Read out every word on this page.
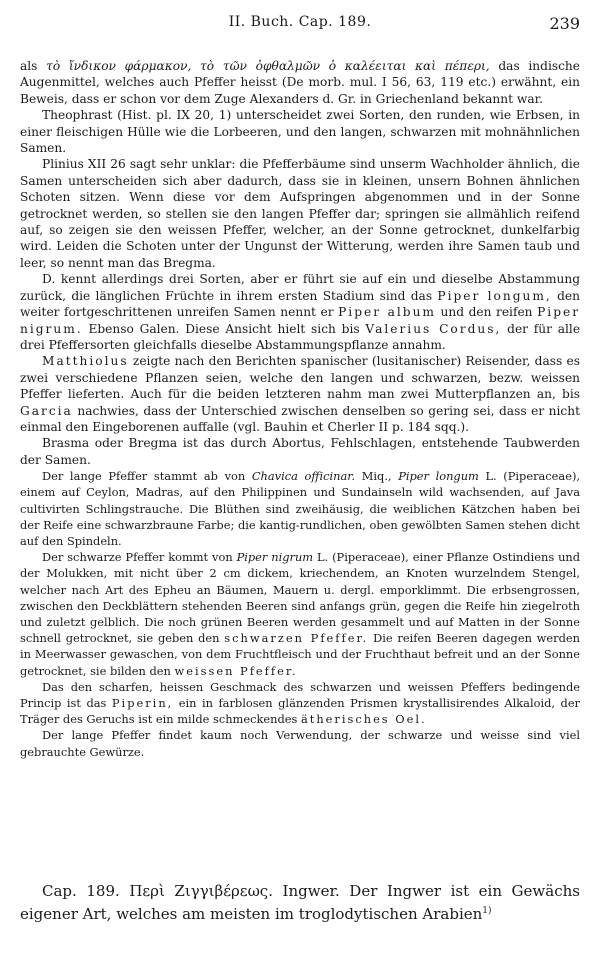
II. Buch. Cap. 189.	239

als τὸ ἴνδικον φάρμακον, τὸ τῶν ὀφθαλμῶν ὁ καλέειται καὶ πέπερι, das indische Augenmittel, welches auch Pfeffer heisst (De morb. mul. I 56, 63, 119 etc.) erwähnt, ein Beweis, dass er schon vor dem Zuge Alexanders d. Gr. in Griechenland bekannt war.

Theophrast (Hist. pl. IX 20, 1) unterscheidet zwei Sorten, den runden, wie Erbsen, in einer fleischigen Hülle wie die Lorbeeren, und den langen, schwarzen mit mohnähnlichen Samen.

Plinius XII 26 sagt sehr unklar: die Pfefferbäume sind unserm Wachholder ähnlich, die Samen unterscheiden sich aber dadurch, dass sie in kleinen, unsern Bohnen ähnlichen Schoten sitzen. Wenn diese vor dem Aufspringen abgenommen und in der Sonne getrocknet werden, so stellen sie den langen Pfeffer dar; springen sie allmählich reifend auf, so zeigen sie den weissen Pfeffer, welcher, an der Sonne getrocknet, dunkelfarbig wird. Leiden die Schoten unter der Ungunst der Witterung, werden ihre Samen taub und leer, so nennt man das Bregma.

D. kennt allerdings drei Sorten, aber er führt sie auf ein und dieselbe Abstammung zurück, die länglichen Früchte in ihrem ersten Stadium sind das Piper longum, den weiter fortgeschrittenen unreifen Samen nennt er Piper album und den reifen Piper nigrum. Ebenso Galen. Diese Ansicht hielt sich bis Valerius Cordus, der für alle drei Pfeffersorten gleichfalls dieselbe Abstammungspflanze annahm.

Matthiolus zeigte nach den Berichten spanischer (lusitanischer) Reisender, dass es zwei verschiedene Pflanzen seien, welche den langen und schwarzen, bezw. weissen Pfeffer lieferten. Auch für die beiden letzteren nahm man zwei Mutterpflanzen an, bis Garcia nachwies, dass der Unterschied zwischen denselben so gering sei, dass er nicht einmal den Eingeborenen auffalle (vgl. Bauhin et Cherler II p. 184 sqq.).

Brasma oder Bregma ist das durch Abortus, Fehlschlagen, entstehende Taubwerden der Samen.

Der lange Pfeffer stammt ab von Chavica officinar. Miq., Piper longum L. (Piperaceae), einem auf Ceylon, Madras, auf den Philippinen und Sundainseln wild wachsenden, auf Java cultivirten Schlingstrauche. Die Blüthen sind zweihäusig, die weiblichen Kätzchen haben bei der Reife eine schwarzbraune Farbe; die kantig-rundlichen, oben gewölbten Samen stehen dicht auf den Spindeln.

Der schwarze Pfeffer kommt von Piper nigrum L. (Piperaceae), einer Pflanze Ostindiens und der Molukken, mit nicht über 2 cm dickem, kriechendem, an Knoten wurzelndem Stengel, welcher nach Art des Epheu an Bäumen, Mauern u. dergl. emporklimmt. Die erbsengrossen, zwischen den Deckblättern stehenden Beeren sind anfangs grün, gegen die Reife hin ziegelroth und zuletzt gelblich. Die noch grünen Beeren werden gesammelt und auf Matten in der Sonne schnell getrocknet, sie geben den schwarzen Pfeffer. Die reifen Beeren dagegen werden in Meerwasser gewaschen, von dem Fruchtfleisch und der Fruchthaut befreit und an der Sonne getrocknet, sie bilden den weissen Pfeffer.

Das den scharfen, heissen Geschmack des schwarzen und weissen Pfeffers bedingende Princip ist das Piperin, ein in farblosen glänzenden Prismen krystallisirendes Alkaloid, der Träger des Geruchs ist ein milde schmeckendes ätherisches Oel.

Der lange Pfeffer findet kaum noch Verwendung, der schwarze und weisse sind viel gebrauchte Gewürze.

Cap. 189. Περὶ Ζιγγιβέρεως. Ingwer. Der Ingwer ist ein Gewächs eigener Art, welches am meisten im troglodytischen Arabien$^{1)}$
